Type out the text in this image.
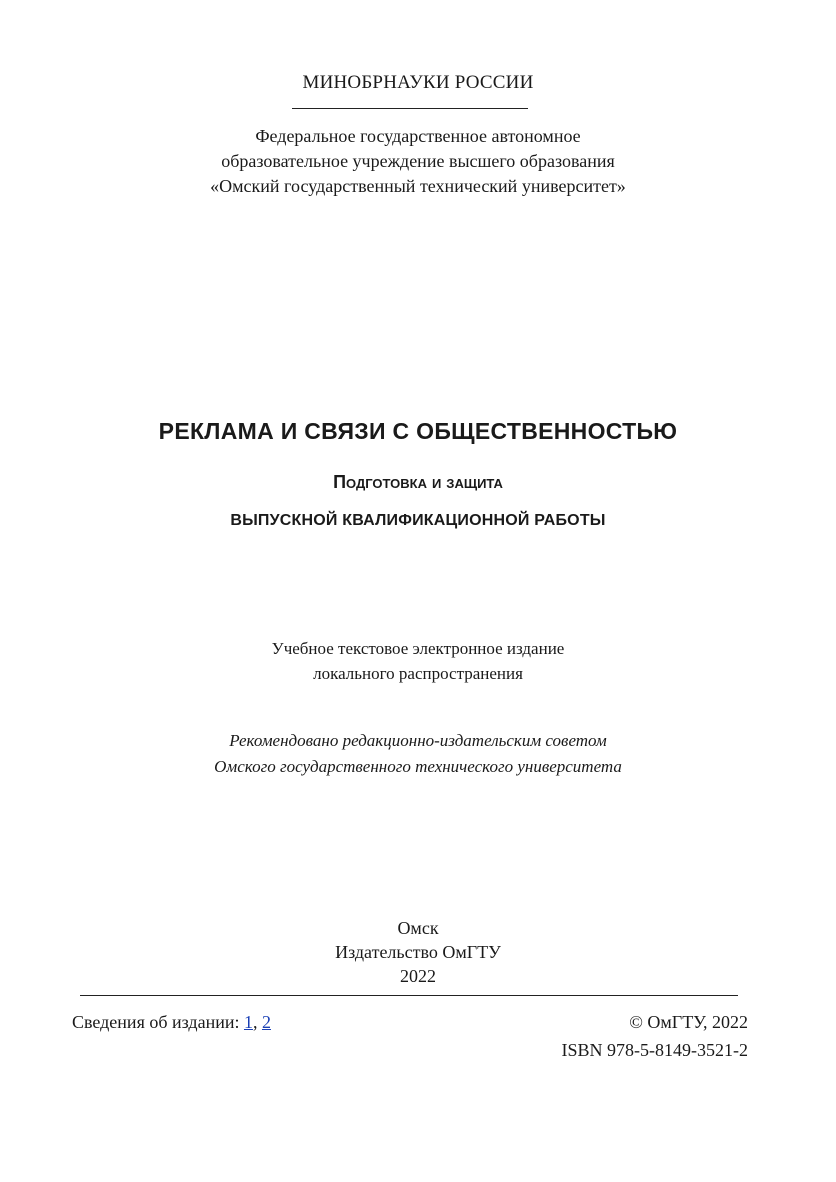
МИНОБРНАУКИ РОССИИ
Федеральное государственное автономное
образовательное учреждение высшего образования
«Омский государственный технический университет»
РЕКЛАМА И СВЯЗИ С ОБЩЕСТВЕННОСТЬЮ
Подготовка и защита
ВЫПУСКНОЙ КВАЛИФИКАЦИОННОЙ РАБОТЫ
Учебное текстовое электронное издание
локального распространения
Рекомендовано редакционно-издательским советом
Омского государственного технического университета
Омск
Издательство ОмГТУ
2022
Сведения об издании: 1, 2	© ОмГТУ, 2022
ISBN 978-5-8149-3521-2
